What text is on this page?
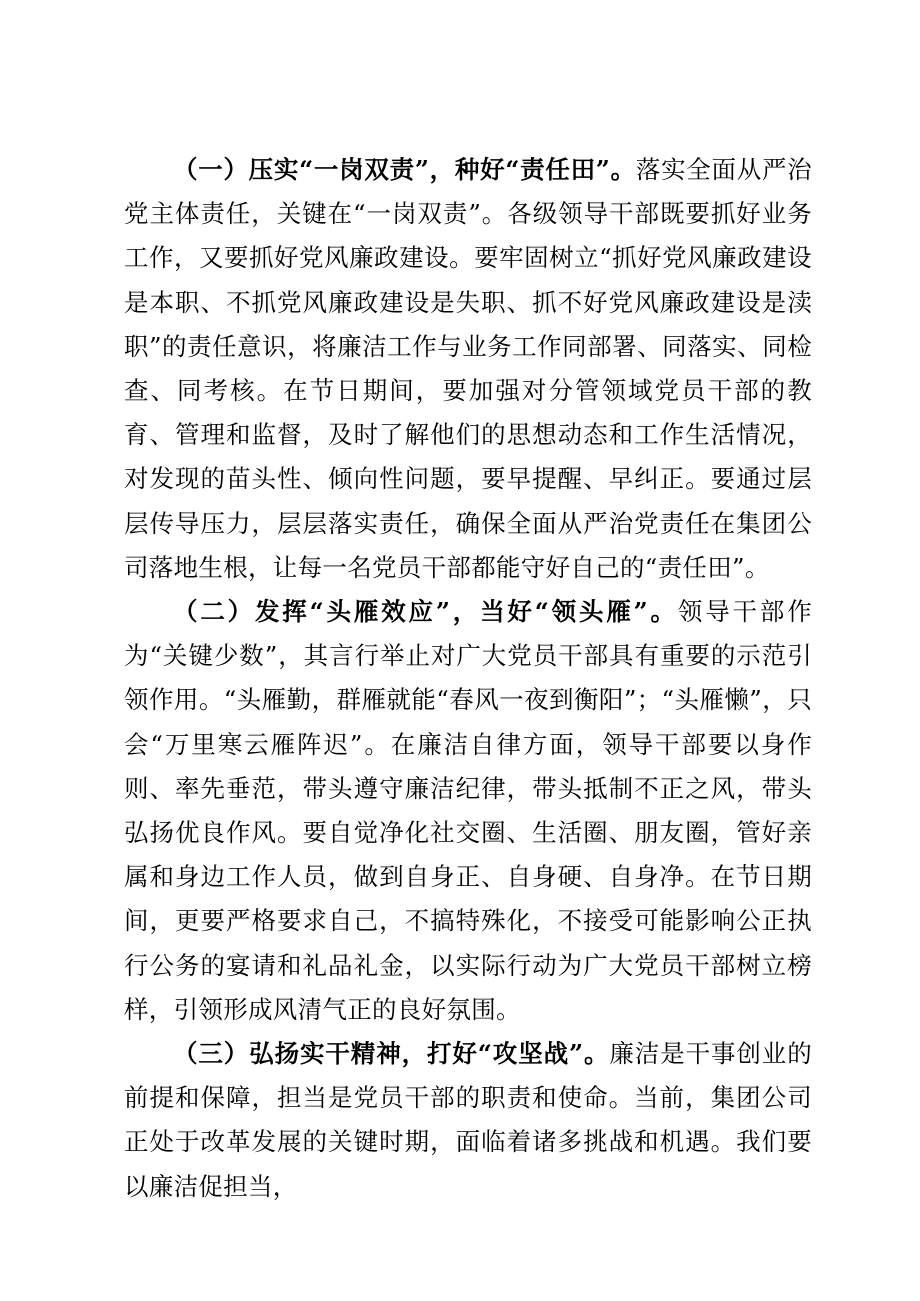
（一）压实“一岗双责”，种好“责任田”。落实全面从严治党主体责任，关键在“一岗双责”。各级领导干部既要抓好业务工作，又要抓好党风廉政建设。要牢固树立“抓好党风廉政建设是本职、不抓党风廉政建设是失职、抓不好党风廉政建设是渎职”的责任意识，将廉洁工作与业务工作同部署、同落实、同检查、同考核。在节日期间，要加强对分管领域党员干部的教育、管理和监督，及时了解他们的思想动态和工作生活情况，对发现的苗头性、倾向性问题，要早提醒、早纠正。要通过层层传导压力，层层落实责任，确保全面从严治党责任在集团公司落地生根，让每一名党员干部都能守好自己的“责任田”。

（二）发挥“头雁效应”，当好“领头雁”。领导干部作为“关键少数”，其言行举止对广大党员干部具有重要的示范引领作用。“头雁勤，群雁就能“春风一夜到衡阳”；“头雁懒”，只会“万里寒云雁阵迟”。在廉洁自律方面，领导干部要以身作则、率先垂范，带头遵守廉洁纪律，带头抵制不正之风，带头弘扬优良作风。要自觉净化社交圈、生活圈、朋友圈，管好亲属和身边工作人员，做到自身正、自身硬、自身净。在节日期间，更要严格要求自己，不搞特殊化，不接受可能影响公正执行公务的宴请和礼品礼金，以实际行动为广大党员干部树立榜样，引领形成风清气正的良好氛围。

（三）弘扬实干精神，打好“攻坚战”。廉洁是干事创业的前提和保障，担当是党员干部的职责和使命。当前，集团公司正处于改革发展的关键时期，面临着诸多挑战和机遇。我们要以廉洁促担当，
